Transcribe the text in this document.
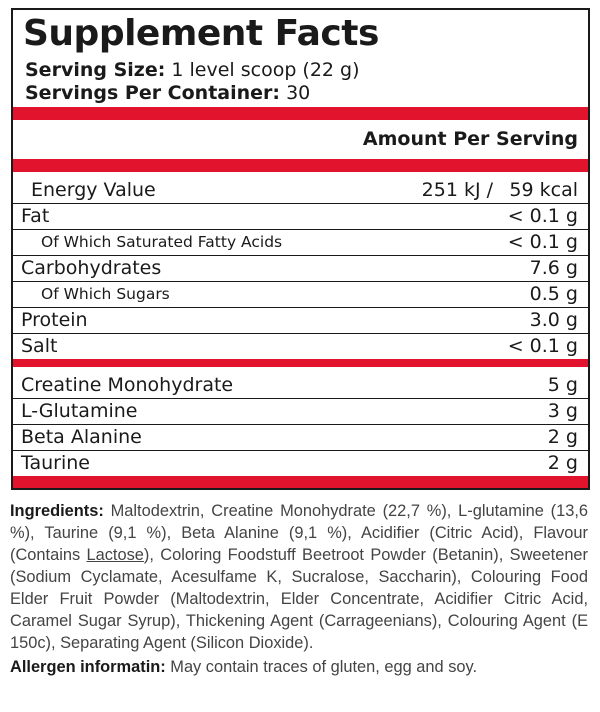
Supplement Facts
Serving Size: 1 level scoop (22 g)
Servings Per Container: 30
Amount Per Serving
Energy Value	251 kJ / 59 kcal
Fat	< 0.1 g
Of Which Saturated Fatty Acids	< 0.1 g
Carbohydrates	7.6 g
Of Which Sugars	0.5 g
Protein	3.0 g
Salt	< 0.1 g
Creatine Monohydrate	5 g
L-Glutamine	3 g
Beta Alanine	2 g
Taurine	2 g

Ingredients: Maltodextrin, Creatine Monohydrate (22,7 %), L-glutamine (13,6 %), Taurine (9,1 %), Beta Alanine (9,1 %), Acidifier (Citric Acid), Flavour (Contains Lactose), Coloring Foodstuff Beetroot Powder (Betanin), Sweetener (Sodium Cyclamate, Acesulfame K, Sucralose, Saccharin), Colouring Food Elder Fruit Powder (Maltodextrin, Elder Concentrate, Acidifier Citric Acid, Caramel Sugar Syrup), Thickening Agent (Carrageenians), Colouring Agent (E 150c), Separating Agent (Silicon Dioxide).

Allergen informatin: May contain traces of gluten, egg and soy.
